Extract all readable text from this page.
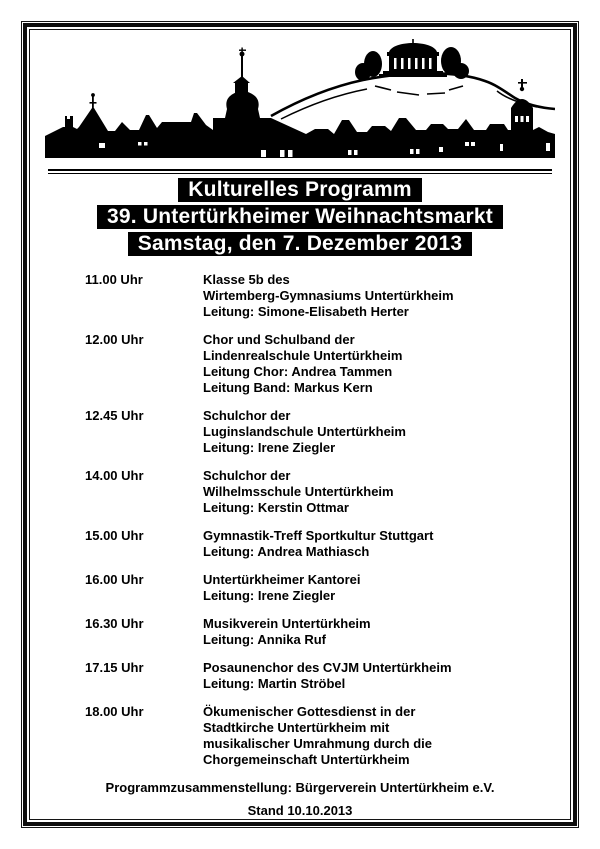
Kulturelles Programm
39. Untertürkheimer Weihnachtsmarkt
Samstag, den 7. Dezember 2013
11.00 Uhr	Klasse 5b des
Wirtemberg-Gymnasiums Untertürkheim
Leitung: Simone-Elisabeth Herter
12.00 Uhr	Chor und Schulband der
Lindenrealschule Untertürkheim
Leitung Chor: Andrea Tammen
Leitung Band: Markus Kern
12.45 Uhr	Schulchor der
Luginslandschule Untertürkheim
Leitung: Irene Ziegler
14.00 Uhr	Schulchor der
Wilhelmsschule Untertürkheim
Leitung: Kerstin Ottmar
15.00 Uhr	Gymnastik-Treff Sportkultur Stuttgart
Leitung: Andrea Mathiasch
16.00 Uhr	Untertürkheimer Kantorei
Leitung: Irene Ziegler
16.30 Uhr	Musikverein Untertürkheim
Leitung: Annika Ruf
17.15 Uhr	Posaunenchor des CVJM Untertürkheim
Leitung: Martin Ströbel
18.00 Uhr	Ökumenischer Gottesdienst in der
Stadtkirche Untertürkheim mit
musikalischer Umrahmung durch die
Chorgemeinschaft Untertürkheim
Programmzusammenstellung: Bürgerverein Untertürkheim e.V.
Stand 10.10.2013
